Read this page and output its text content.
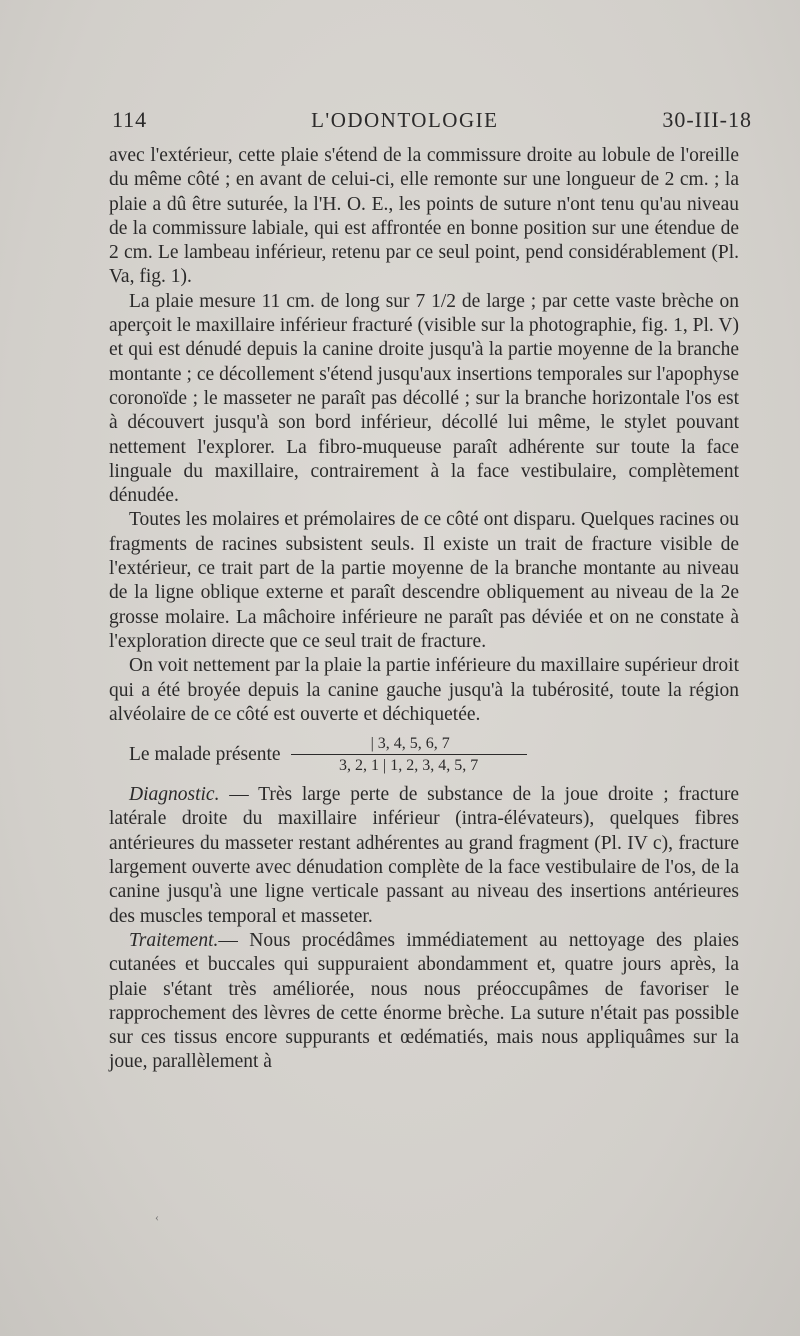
114	L'ODONTOLOGIE	30-III-18

avec l'extérieur, cette plaie s'étend de la commissure droite au lobule de l'oreille du même côté ; en avant de celui-ci, elle remonte sur une longueur de 2 cm. ; la plaie a dû être suturée, la l'H. O. E., les points de suture n'ont tenu qu'au niveau de la commissure labiale, qui est affrontée en bonne position sur une étendue de 2 cm. Le lambeau inférieur, retenu par ce seul point, pend considérablement (Pl. Va, fig. 1).

La plaie mesure 11 cm. de long sur 7 1/2 de large ; par cette vaste brèche on aperçoit le maxillaire inférieur fracturé (visible sur la photographie, fig. 1, Pl. V) et qui est dénudé depuis la canine droite jusqu'à la partie moyenne de la branche montante ; ce décollement s'étend jusqu'aux insertions temporales sur l'apophyse coronoïde ; le masseter ne paraît pas décollé ; sur la branche horizontale l'os est à découvert jusqu'à son bord inférieur, décollé lui même, le stylet pouvant nettement l'explorer. La fibro-muqueuse paraît adhérente sur toute la face linguale du maxillaire, contrairement à la face vestibulaire, complètement dénudée.

Toutes les molaires et prémolaires de ce côté ont disparu. Quelques racines ou fragments de racines subsistent seuls. Il existe un trait de fracture visible de l'extérieur, ce trait part de la partie moyenne de la branche montante au niveau de la ligne oblique externe et paraît descendre obliquement au niveau de la 2e grosse molaire. La mâchoire inférieure ne paraît pas déviée et on ne constate à l'exploration directe que ce seul trait de fracture.

On voit nettement par la plaie la partie inférieure du maxillaire supérieur droit qui a été broyée depuis la canine gauche jusqu'à la tubérosité, toute la région alvéolaire de ce côté est ouverte et déchiquetée.

Le malade présente $\frac{| 3, 4, 5, 6, 7}{3, 2, 1 | 1, 2, 3, 4, 5, 7}$

Diagnostic. — Très large perte de substance de la joue droite ; fracture latérale droite du maxillaire inférieur (intra-élévateurs), quelques fibres antérieures du masseter restant adhérentes au grand fragment (Pl. IV c), fracture largement ouverte avec dénudation complète de la face vestibulaire de l'os, de la canine jusqu'à une ligne verticale passant au niveau des insertions antérieures des muscles temporal et masseter.

Traitement.— Nous procédâmes immédiatement au nettoyage des plaies cutanées et buccales qui suppuraient abondamment et, quatre jours après, la plaie s'étant très améliorée, nous nous préoccupâmes de favoriser le rapprochement des lèvres de cette énorme brèche. La suture n'était pas possible sur ces tissus encore suppurants et œdématiés, mais nous appliquâmes sur la joue, parallèlement à

‹
